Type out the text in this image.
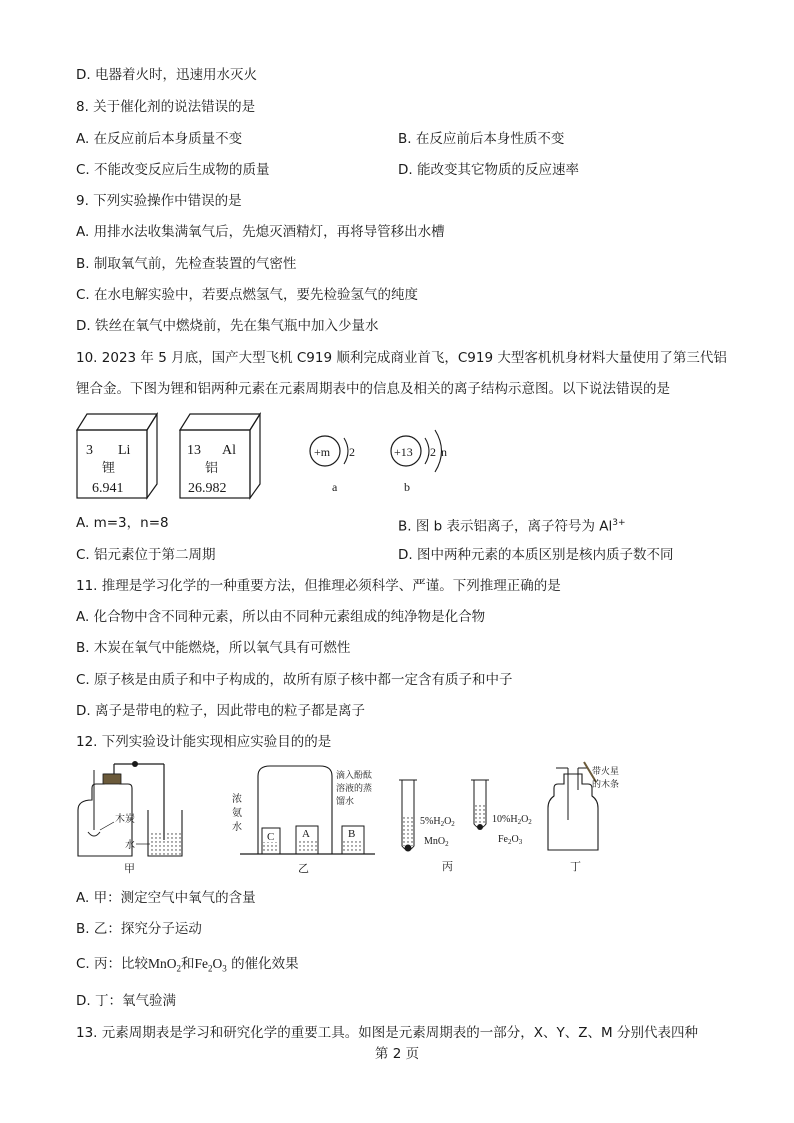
D. 电器着火时，迅速用水灭火
8. 关于催化剂的说法错误的是
A. 在反应前后本身质量不变	B. 在反应前后本身性质不变
C. 不能改变反应后生成物的质量	D. 能改变其它物质的反应速率
9. 下列实验操作中错误的是
A. 用排水法收集满氧气后，先熄灭酒精灯，再将导管移出水槽
B. 制取氧气前，先检查装置的气密性
C. 在水电解实验中，若要点燃氢气，要先检验氢气的纯度
D. 铁丝在氧气中燃烧前，先在集气瓶中加入少量水
10. 2023 年 5 月底，国产大型飞机 C919 顺利完成商业首飞，C919 大型客机机身材料大量使用了第三代铝
锂合金。下图为锂和铝两种元素在元素周期表中的信息及相关的离子结构示意图。以下说法错误的是
3 Li
锂
6.941
13 Al
铝
26.982
+m 2
a
+13 2 n
b
A. m=3，n=8	B. 图 b 表示铝离子，离子符号为 $Al^{3+}$
C. 铝元素位于第二周期	D. 图中两种元素的本质区别是核内质子数不同
11. 推理是学习化学的一种重要方法，但推理必须科学、严谨。下列推理正确的是
A. 化合物中含不同种元素，所以由不同种元素组成的纯净物是化合物
B. 木炭在氧气中能燃烧，所以氧气具有可燃性
C. 原子核是由质子和中子构成的，故所有原子核中都一定含有质子和中子
D. 离子是带电的粒子，因此带电的粒子都是离子
12. 下列实验设计能实现相应实验目的的是
木炭
水
甲
浓
氨
水
C	A	B
滴入酚酞
溶液的蒸
馏水
乙
$5\%H_2O_2$
MnO$_2$
$10\%H_2O_2$
$Fe_2O_3$
丙
带火星
的木条
丁
A. 甲：测定空气中氧气的含量
B. 乙：探究分子运动
C. 丙：比较MnO$_2$和$Fe_2O_3$ 的催化效果
D. 丁：氧气验满
13. 元素周期表是学习和研究化学的重要工具。如图是元素周期表的一部分，X、Y、Z、M 分别代表四种
第 2 页
